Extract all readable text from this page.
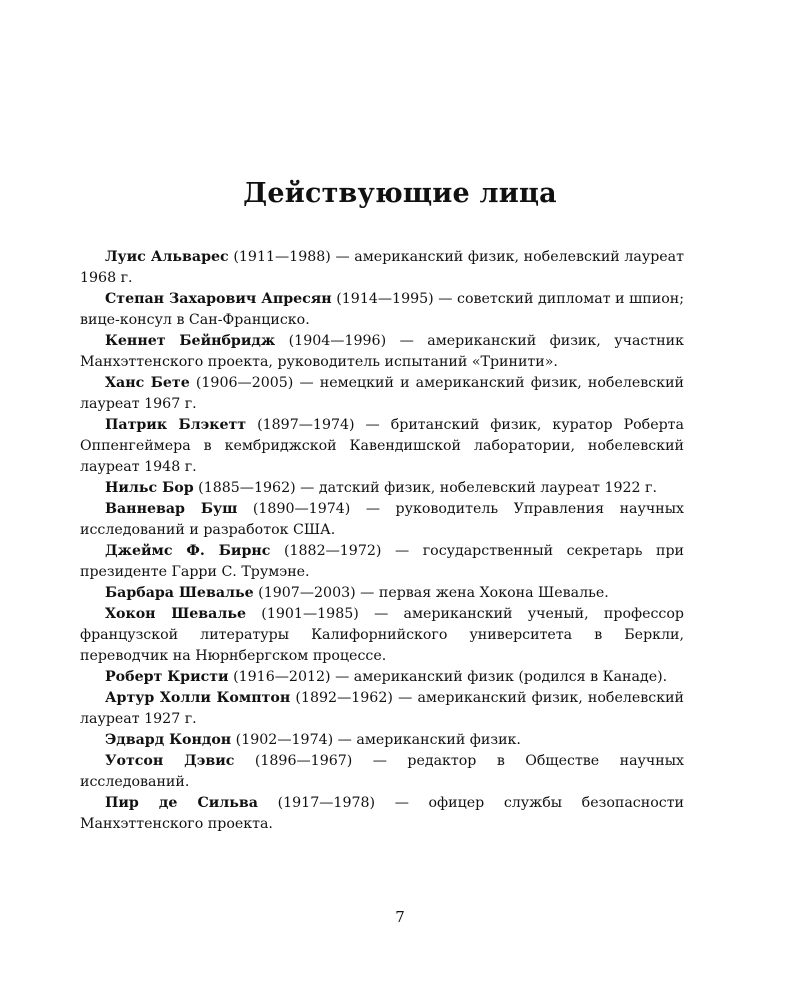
Действующие лица

Луис Альварес (1911—1988) — американский физик, нобелевский лауреат 1968 г.

Степан Захарович Апресян (1914—1995) — советский дипломат и шпион; вице-консул в Сан-Франциско.

Кеннет Бейнбридж (1904—1996) — американский физик, участник Манхэттенского проекта, руководитель испытаний «Тринити».

Ханс Бете (1906—2005) — немецкий и американский физик, нобелевский лауреат 1967 г.

Патрик Блэкетт (1897—1974) — британский физик, куратор Роберта Оппенгеймера в кембриджской Кавендишской лаборатории, нобелевский лауреат 1948 г.

Нильс Бор (1885—1962) — датский физик, нобелевский лауреат 1922 г.

Ванневар Буш (1890—1974) — руководитель Управления научных исследований и разработок США.

Джеймс Ф. Бирнс (1882—1972) — государственный секретарь при президенте Гарри С. Трумэне.

Барбара Шевалье (1907—2003) — первая жена Хокона Шевалье.

Хокон Шевалье (1901—1985) — американский ученый, профессор французской литературы Калифорнийского университета в Беркли, переводчик на Нюрнбергском процессе.

Роберт Кристи (1916—2012) — американский физик (родился в Канаде).

Артур Холли Комптон (1892—1962) — американский физик, нобелевский лауреат 1927 г.

Эдвард Кондон (1902—1974) — американский физик.

Уотсон Дэвис (1896—1967) — редактор в Обществе научных исследований.

Пир де Сильва (1917—1978) — офицер службы безопасности Манхэттенского проекта.

7
